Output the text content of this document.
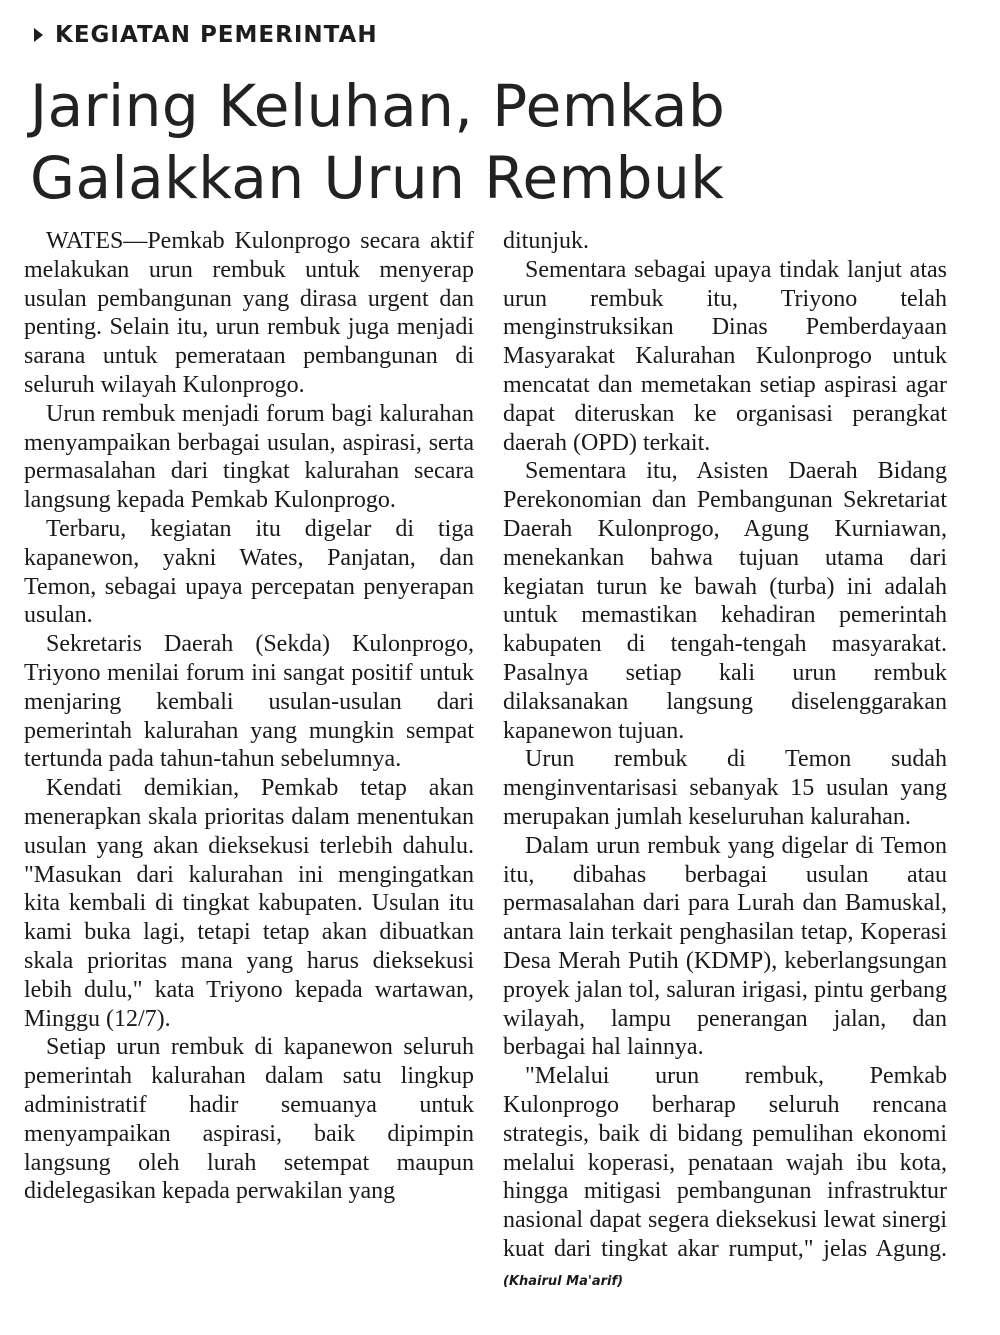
KEGIATAN PEMERINTAH
Jaring Keluhan, Pemkab
Galakkan Urun Rembuk

WATES—Pemkab Kulonprogo secara aktif melakukan urun rembuk untuk menyerap usulan pembangunan yang dirasa urgent dan penting. Selain itu, urun rembuk juga menjadi sarana untuk pemerataan pembangunan di seluruh wilayah Kulonprogo.

Urun rembuk menjadi forum bagi kalurahan menyampaikan berbagai usulan, aspirasi, serta permasalahan dari tingkat kalurahan secara langsung kepada Pemkab Kulonprogo.

Terbaru, kegiatan itu digelar di tiga kapanewon, yakni Wates, Panjatan, dan Temon, sebagai upaya percepatan penyerapan usulan.

Sekretaris Daerah (Sekda) Kulonprogo, Triyono menilai forum ini sangat positif untuk menjaring kembali usulan-usulan dari pemerintah kalurahan yang mungkin sempat tertunda pada tahun-tahun sebelumnya.

Kendati demikian, Pemkab tetap akan menerapkan skala prioritas dalam menentukan usulan yang akan dieksekusi terlebih dahulu. "Masukan dari kalurahan ini mengingatkan kita kembali di tingkat kabupaten. Usulan itu kami buka lagi, tetapi tetap akan dibuatkan skala prioritas mana yang harus dieksekusi lebih dulu," kata Triyono kepada wartawan, Minggu (12/7).

Setiap urun rembuk di kapanewon seluruh pemerintah kalurahan dalam satu lingkup administratif hadir semuanya untuk menyampaikan aspirasi, baik dipimpin langsung oleh lurah setempat maupun didelegasikan kepada perwakilan yang

ditunjuk.

Sementara sebagai upaya tindak lanjut atas urun rembuk itu, Triyono telah menginstruksikan Dinas Pemberdayaan Masyarakat Kalurahan Kulonprogo untuk mencatat dan memetakan setiap aspirasi agar dapat diteruskan ke organisasi perangkat daerah (OPD) terkait.

Sementara itu, Asisten Daerah Bidang Perekonomian dan Pembangunan Sekretariat Daerah Kulonprogo, Agung Kurniawan, menekankan bahwa tujuan utama dari kegiatan turun ke bawah (turba) ini adalah untuk memastikan kehadiran pemerintah kabupaten di tengah-tengah masyarakat. Pasalnya setiap kali urun rembuk dilaksanakan langsung diselenggarakan kapanewon tujuan.

Urun rembuk di Temon sudah menginventarisasi sebanyak 15 usulan yang merupakan jumlah keseluruhan kalurahan.

Dalam urun rembuk yang digelar di Temon itu, dibahas berbagai usulan atau permasalahan dari para Lurah dan Bamuskal, antara lain terkait penghasilan tetap, Koperasi Desa Merah Putih (KDMP), keberlangsungan proyek jalan tol, saluran irigasi, pintu gerbang wilayah, lampu penerangan jalan, dan berbagai hal lainnya.

"Melalui urun rembuk, Pemkab Kulonprogo berharap seluruh rencana strategis, baik di bidang pemulihan ekonomi melalui koperasi, penataan wajah ibu kota, hingga mitigasi pembangunan infrastruktur nasional dapat segera dieksekusi lewat sinergi kuat dari tingkat akar rumput," jelas Agung. (Khairul Ma'arif)
